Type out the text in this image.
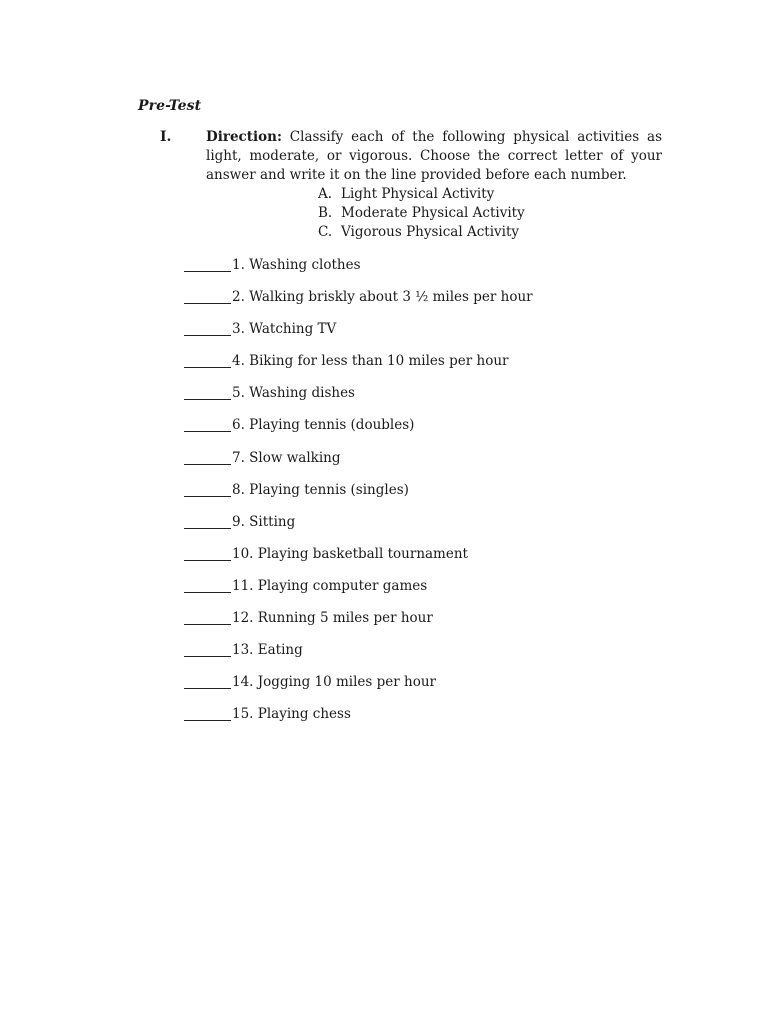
Pre-Test
I.	Direction: Classify each of the following physical activities as light, moderate, or vigorous. Choose the correct letter of your answer and write it on the line provided before each number.
A. Light Physical Activity
B. Moderate Physical Activity
C. Vigorous Physical Activity
1. Washing clothes
2. Walking briskly about 3 ½ miles per hour
3. Watching TV
4. Biking for less than 10 miles per hour
5. Washing dishes
6. Playing tennis (doubles)
7. Slow walking
8. Playing tennis (singles)
9. Sitting
10. Playing basketball tournament
11. Playing computer games
12. Running 5 miles per hour
13. Eating
14. Jogging 10 miles per hour
15. Playing chess
